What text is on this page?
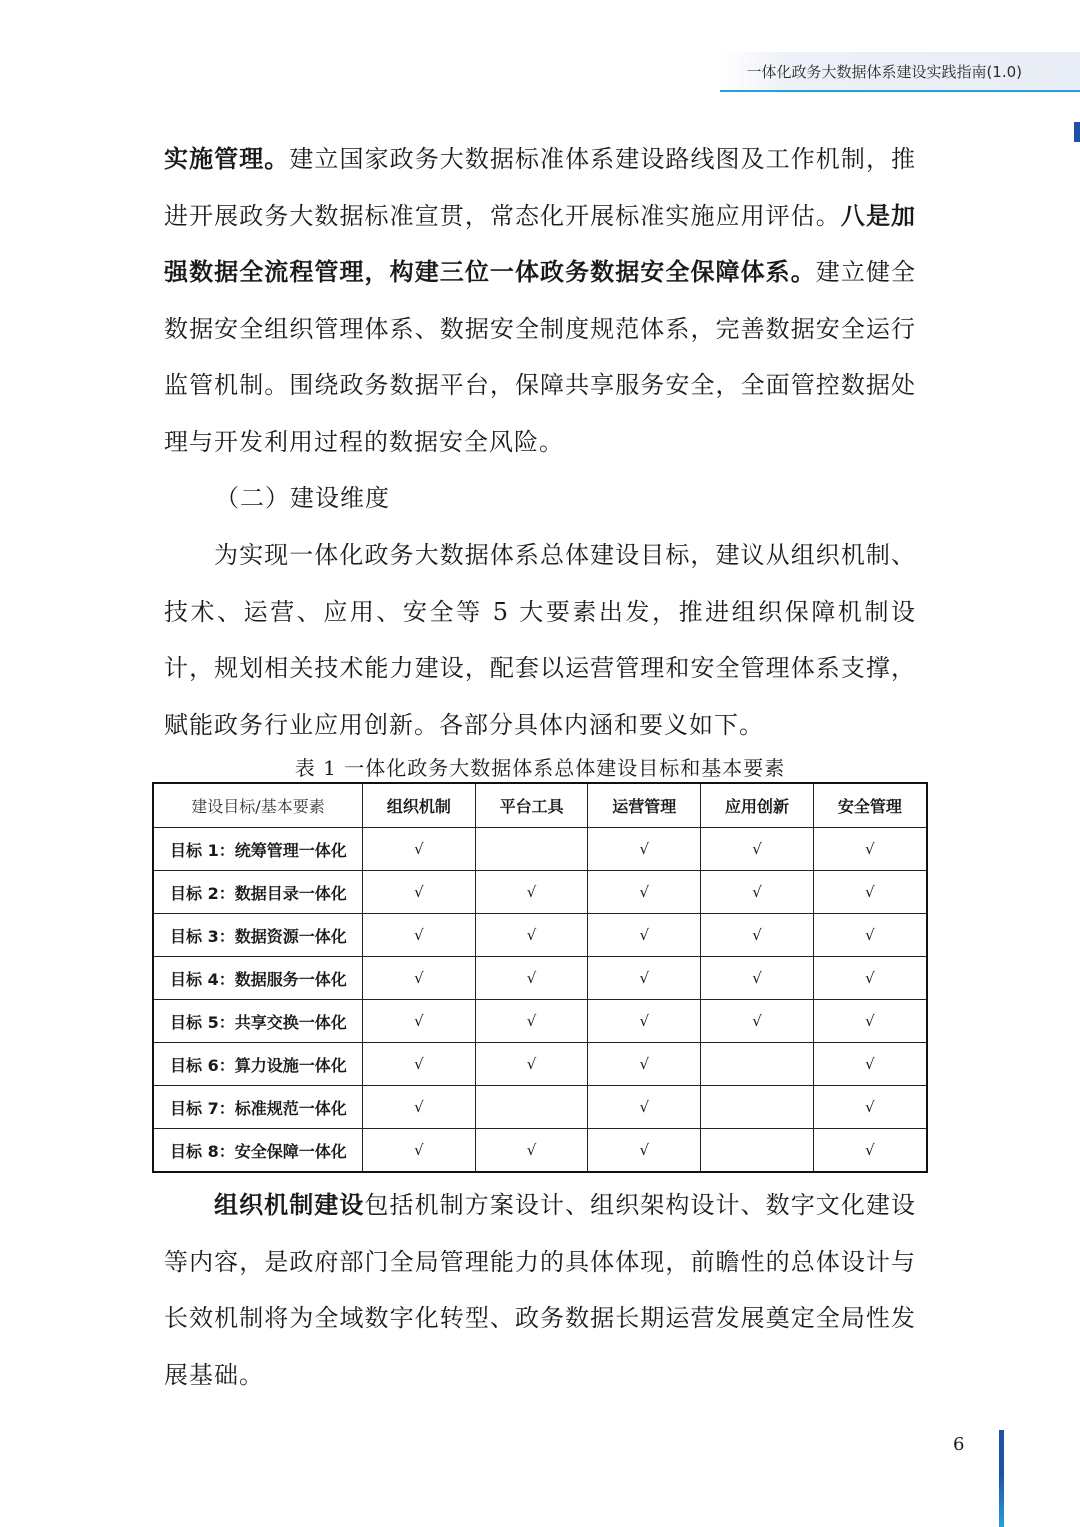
一体化政务大数据体系建设实践指南(1.0)

实施管理。建立国家政务大数据标准体系建设路线图及工作机制，推进开展政务大数据标准宣贯，常态化开展标准实施应用评估。八是加强数据全流程管理，构建三位一体政务数据安全保障体系。建立健全数据安全组织管理体系、数据安全制度规范体系，完善数据安全运行监管机制。围绕政务数据平台，保障共享服务安全，全面管控数据处理与开发利用过程的数据安全风险。

（二）建设维度

为实现一体化政务大数据体系总体建设目标，建议从组织机制、技术、运营、应用、安全等 5 大要素出发，推进组织保障机制设计，规划相关技术能力建设，配套以运营管理和安全管理体系支撑，赋能政务行业应用创新。各部分具体内涵和要义如下。

表 1 一体化政务大数据体系总体建设目标和基本要素
建设目标/基本要素	组织机制	平台工具	运营管理	应用创新	安全管理
目标 1：统筹管理一体化	√		√	√	√
目标 2：数据目录一体化	√	√	√	√	√
目标 3：数据资源一体化	√	√	√	√	√
目标 4：数据服务一体化	√	√	√	√	√
目标 5：共享交换一体化	√	√	√	√	√
目标 6：算力设施一体化	√	√	√		√
目标 7：标准规范一体化	√		√		√
目标 8：安全保障一体化	√	√	√		√

组织机制建设包括机制方案设计、组织架构设计、数字文化建设等内容，是政府部门全局管理能力的具体体现，前瞻性的总体设计与长效机制将为全域数字化转型、政务数据长期运营发展奠定全局性发展基础。

6
